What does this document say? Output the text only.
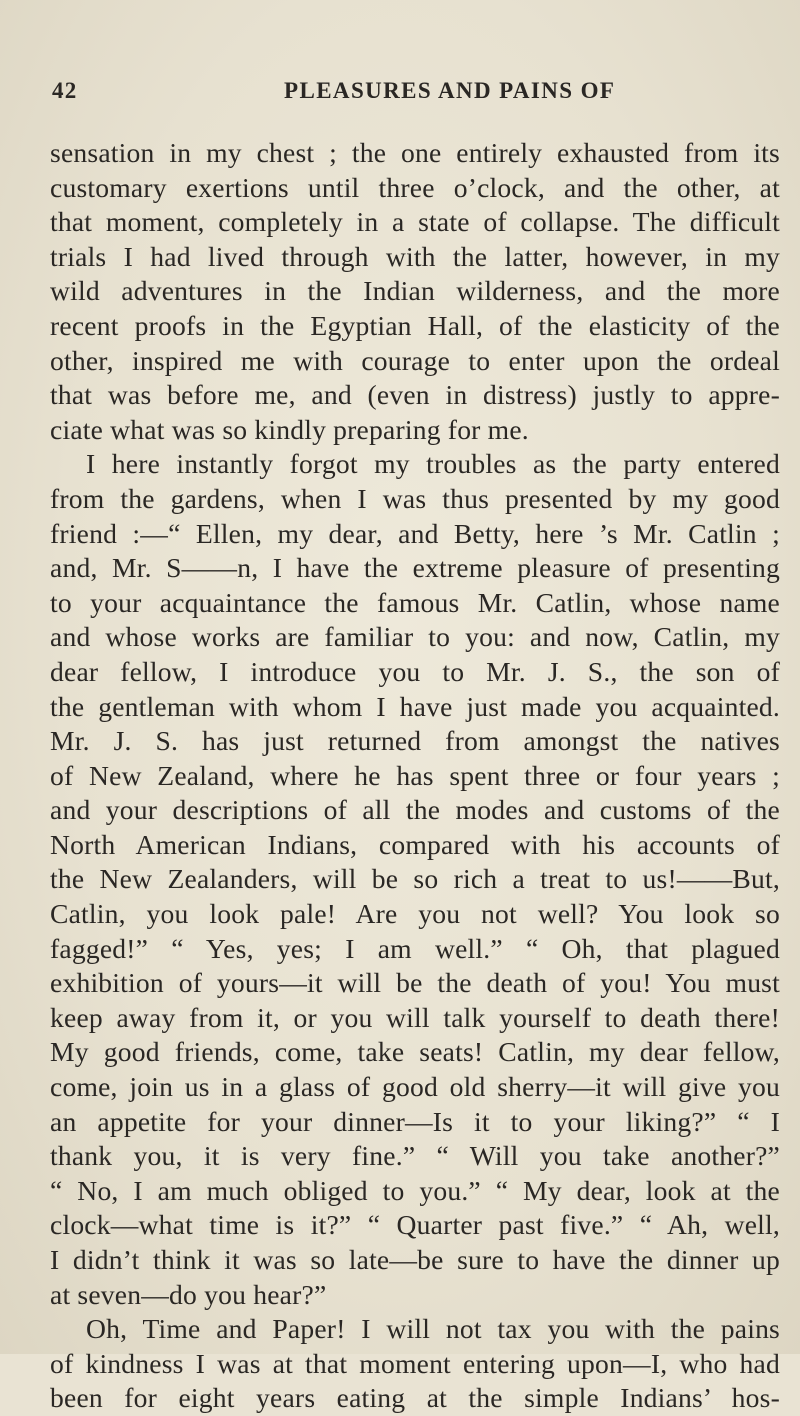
42	PLEASURES AND PAINS OF
sensation in my chest ; the one entirely exhausted from its
customary exertions until three o’clock, and the other, at
that moment, completely in a state of collapse. The difficult
trials I had lived through with the latter, however, in my
wild adventures in the Indian wilderness, and the more
recent proofs in the Egyptian Hall, of the elasticity of the
other, inspired me with courage to enter upon the ordeal
that was before me, and (even in distress) justly to appre-
ciate what was so kindly preparing for me.
I here instantly forgot my troubles as the party entered
from the gardens, when I was thus presented by my good
friend :—“ Ellen, my dear, and Betty, here ’s Mr. Catlin ;
and, Mr. S——n, I have the extreme pleasure of presenting
to your acquaintance the famous Mr. Catlin, whose name
and whose works are familiar to you: and now, Catlin, my
dear fellow, I introduce you to Mr. J. S., the son of
the gentleman with whom I have just made you acquainted.
Mr. J. S. has just returned from amongst the natives
of New Zealand, where he has spent three or four years ;
and your descriptions of all the modes and customs of the
North American Indians, compared with his accounts of
the New Zealanders, will be so rich a treat to us!——But,
Catlin, you look pale! Are you not well? You look so
fagged!” “ Yes, yes; I am well.” “ Oh, that plagued
exhibition of yours—it will be the death of you! You must
keep away from it, or you will talk yourself to death there!
My good friends, come, take seats! Catlin, my dear fellow,
come, join us in a glass of good old sherry—it will give you
an appetite for your dinner—Is it to your liking?” “ I
thank you, it is very fine.” “ Will you take another?”
“ No, I am much obliged to you.” “ My dear, look at the
clock—what time is it?” “ Quarter past five.” “ Ah, well,
I didn’t think it was so late—be sure to have the dinner up
at seven—do you hear?”
Oh, Time and Paper! I will not tax you with the pains
of kindness I was at that moment entering upon—I, who had
been for eight years eating at the simple Indians’ hos-
